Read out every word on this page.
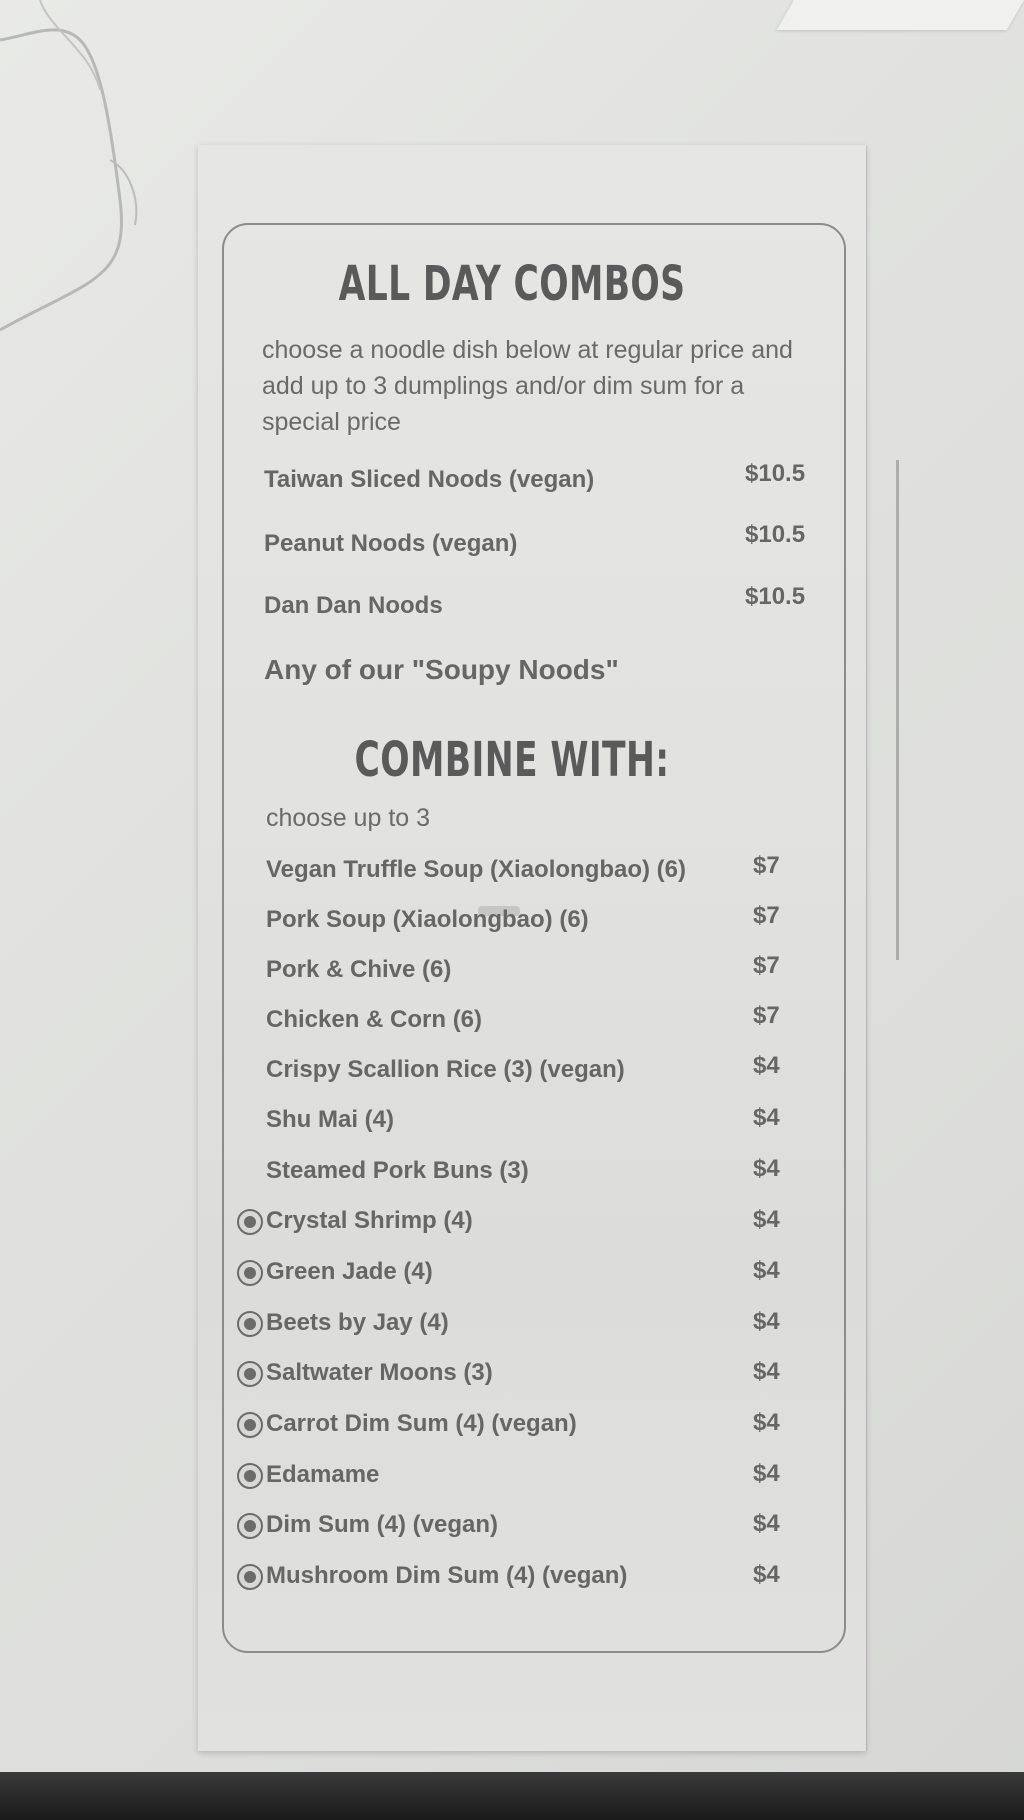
ALL DAY COMBOS
choose a noodle dish below at regular price and add up to 3 dumplings and/or dim sum for a special price
Taiwan Sliced Noods (vegan)	$10.5
Peanut Noods (vegan)	$10.5
Dan Dan Noods	$10.5
Any of our "Soupy Noods"
COMBINE WITH:
choose up to 3
Vegan Truffle Soup (Xiaolongbao) (6)	$7
Pork Soup (Xiaolongbao) (6)	$7
Pork & Chive (6)	$7
Chicken & Corn (6)	$7
Crispy Scallion Rice (3) (vegan)	$4
Shu Mai (4)	$4
Steamed Pork Buns (3)	$4
Crystal Shrimp (4)	$4
Green Jade (4)	$4
Beets by Jay (4)	$4
Saltwater Moons (3)	$4
Carrot Dim Sum (4) (vegan)	$4
Edamame	$4
Dim Sum (4) (vegan)	$4
Mushroom Dim Sum (4) (vegan)	$4
